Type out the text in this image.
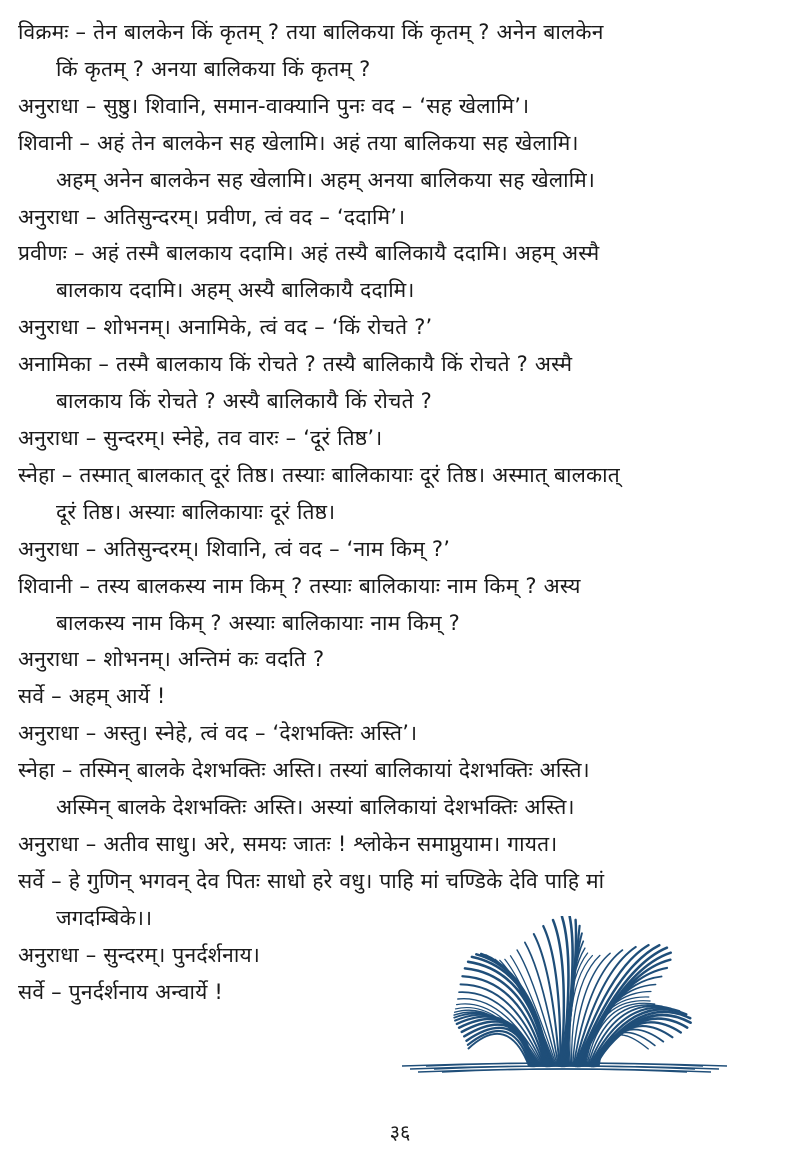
विक्रमः – तेन बालकेन किं कृतम् ? तया बालिकया किं कृतम् ? अनेन बालकेन
किं कृतम् ? अनया बालिकया किं कृतम् ?
अनुराधा – सुष्ठु। शिवानि, समान-वाक्यानि पुनः वद – ‘सह खेलामि’।
शिवानी – अहं तेन बालकेन सह खेलामि। अहं तया बालिकया सह खेलामि।
अहम् अनेन बालकेन सह खेलामि। अहम् अनया बालिकया सह खेलामि।
अनुराधा – अतिसुन्दरम्। प्रवीण, त्वं वद – ‘ददामि’।
प्रवीणः – अहं तस्मै बालकाय ददामि। अहं तस्यै बालिकायै ददामि। अहम् अस्मै
बालकाय ददामि। अहम् अस्यै बालिकायै ददामि।
अनुराधा – शोभनम्। अनामिके, त्वं वद – ‘किं रोचते ?’
अनामिका – तस्मै बालकाय किं रोचते ? तस्यै बालिकायै किं रोचते ? अस्मै
बालकाय किं रोचते ? अस्यै बालिकायै किं रोचते ?
अनुराधा – सुन्दरम्। स्नेहे, तव वारः – ‘दूरं तिष्ठ’।
स्नेहा – तस्मात् बालकात् दूरं तिष्ठ। तस्याः बालिकायाः दूरं तिष्ठ। अस्मात् बालकात्
दूरं तिष्ठ। अस्याः बालिकायाः दूरं तिष्ठ।
अनुराधा – अतिसुन्दरम्। शिवानि, त्वं वद – ‘नाम किम् ?’
शिवानी – तस्य बालकस्य नाम किम् ? तस्याः बालिकायाः नाम किम् ? अस्य
बालकस्य नाम किम् ? अस्याः बालिकायाः नाम किम् ?
अनुराधा – शोभनम्। अन्तिमं कः वदति ?
सर्वे – अहम् आर्ये !
अनुराधा – अस्तु। स्नेहे, त्वं वद – ‘देशभक्तिः अस्ति’।
स्नेहा – तस्मिन् बालके देशभक्तिः अस्ति। तस्यां बालिकायां देशभक्तिः अस्ति।
अस्मिन् बालके देशभक्तिः अस्ति। अस्यां बालिकायां देशभक्तिः अस्ति।
अनुराधा – अतीव साधु। अरे, समयः जातः ! श्लोकेन समाप्नुयाम। गायत।
सर्वे – हे गुणिन् भगवन् देव पितः साधो हरे वधु। पाहि मां चण्डिके देवि पाहि मां
जगदम्बिके।।
अनुराधा – सुन्दरम्। पुनर्दर्शनाय।
सर्वे – पुनर्दर्शनाय अन्वार्ये !
३६
